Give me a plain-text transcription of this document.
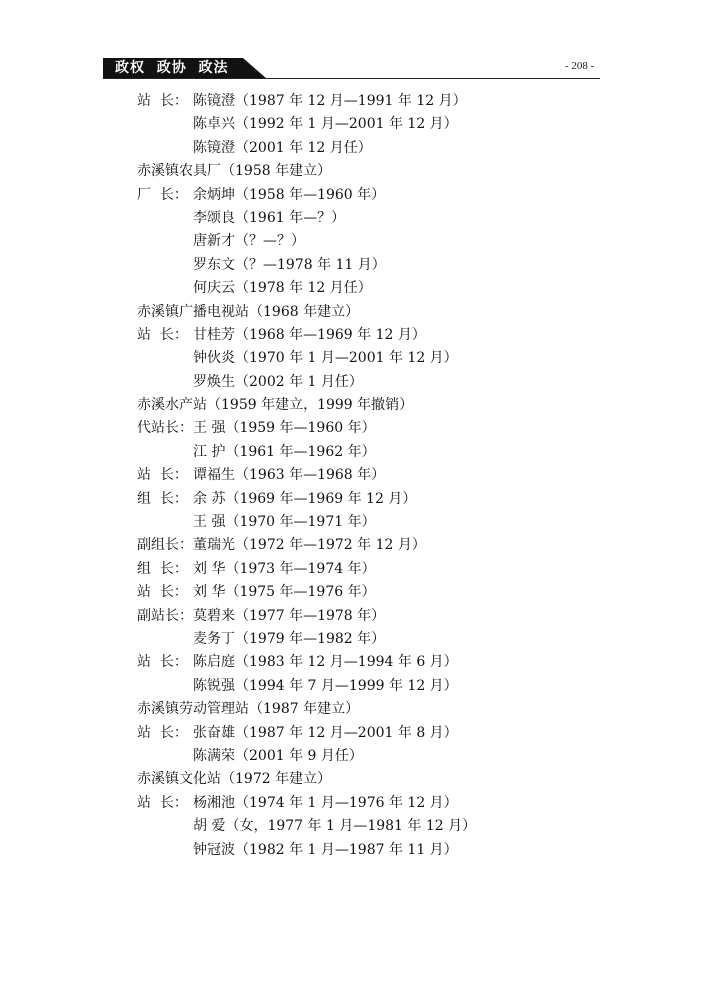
政权  政协  政法	- 208 -
站  长： 陈镜澄（1987 年 12 月—1991 年 12 月）
陈卓兴（1992 年 1 月—2001 年 12 月）
陈镜澄（2001 年 12 月任）
赤溪镇农具厂（1958 年建立）
厂  长： 余炳坤（1958 年—1960 年）
李颂良（1961 年—？）
唐新才（？—？）
罗东文（？—1978 年 11 月）
何庆云（1978 年 12 月任）
赤溪镇广播电视站（1968 年建立）
站  长： 甘桂芳（1968 年—1969 年 12 月）
钟伙炎（1970 年 1 月—2001 年 12 月）
罗焕生（2002 年 1 月任）
赤溪水产站（1959 年建立，1999 年撤销）
代站长：王 强（1959 年—1960 年）
江 护（1961 年—1962 年）
站  长： 谭福生（1963 年—1968 年）
组  长： 余 苏（1969 年—1969 年 12 月）
王 强（1970 年—1971 年）
副组长：董瑞光（1972 年—1972 年 12 月）
组  长： 刘 华（1973 年—1974 年）
站  长： 刘 华（1975 年—1976 年）
副站长：莫碧来（1977 年—1978 年）
麦务丁（1979 年—1982 年）
站  长： 陈启庭（1983 年 12 月—1994 年 6 月）
陈锐强（1994 年 7 月—1999 年 12 月）
赤溪镇劳动管理站（1987 年建立）
站  长： 张奋雄（1987 年 12 月—2001 年 8 月）
陈满荣（2001 年 9 月任）
赤溪镇文化站（1972 年建立）
站  长： 杨湘池（1974 年 1 月—1976 年 12 月）
胡 爱（女，1977 年 1 月—1981 年 12 月）
钟冠波（1982 年 1 月—1987 年 11 月）
